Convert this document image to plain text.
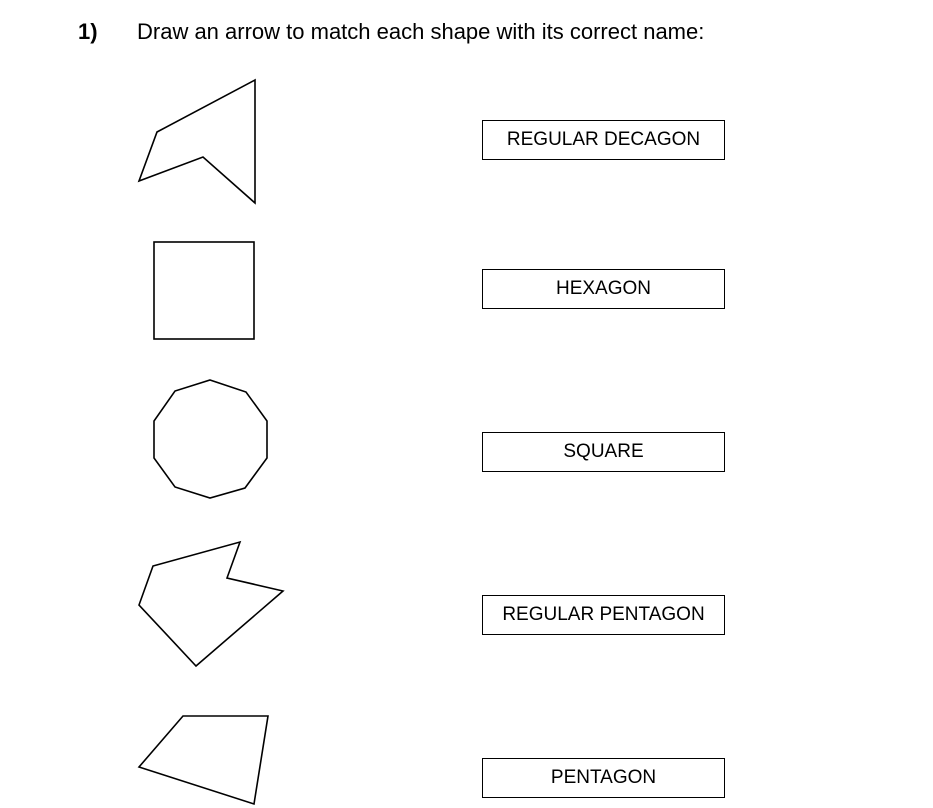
1) Draw an arrow to match each shape with its correct name:
REGULAR DECAGON
HEXAGON
SQUARE
REGULAR PENTAGON
PENTAGON
